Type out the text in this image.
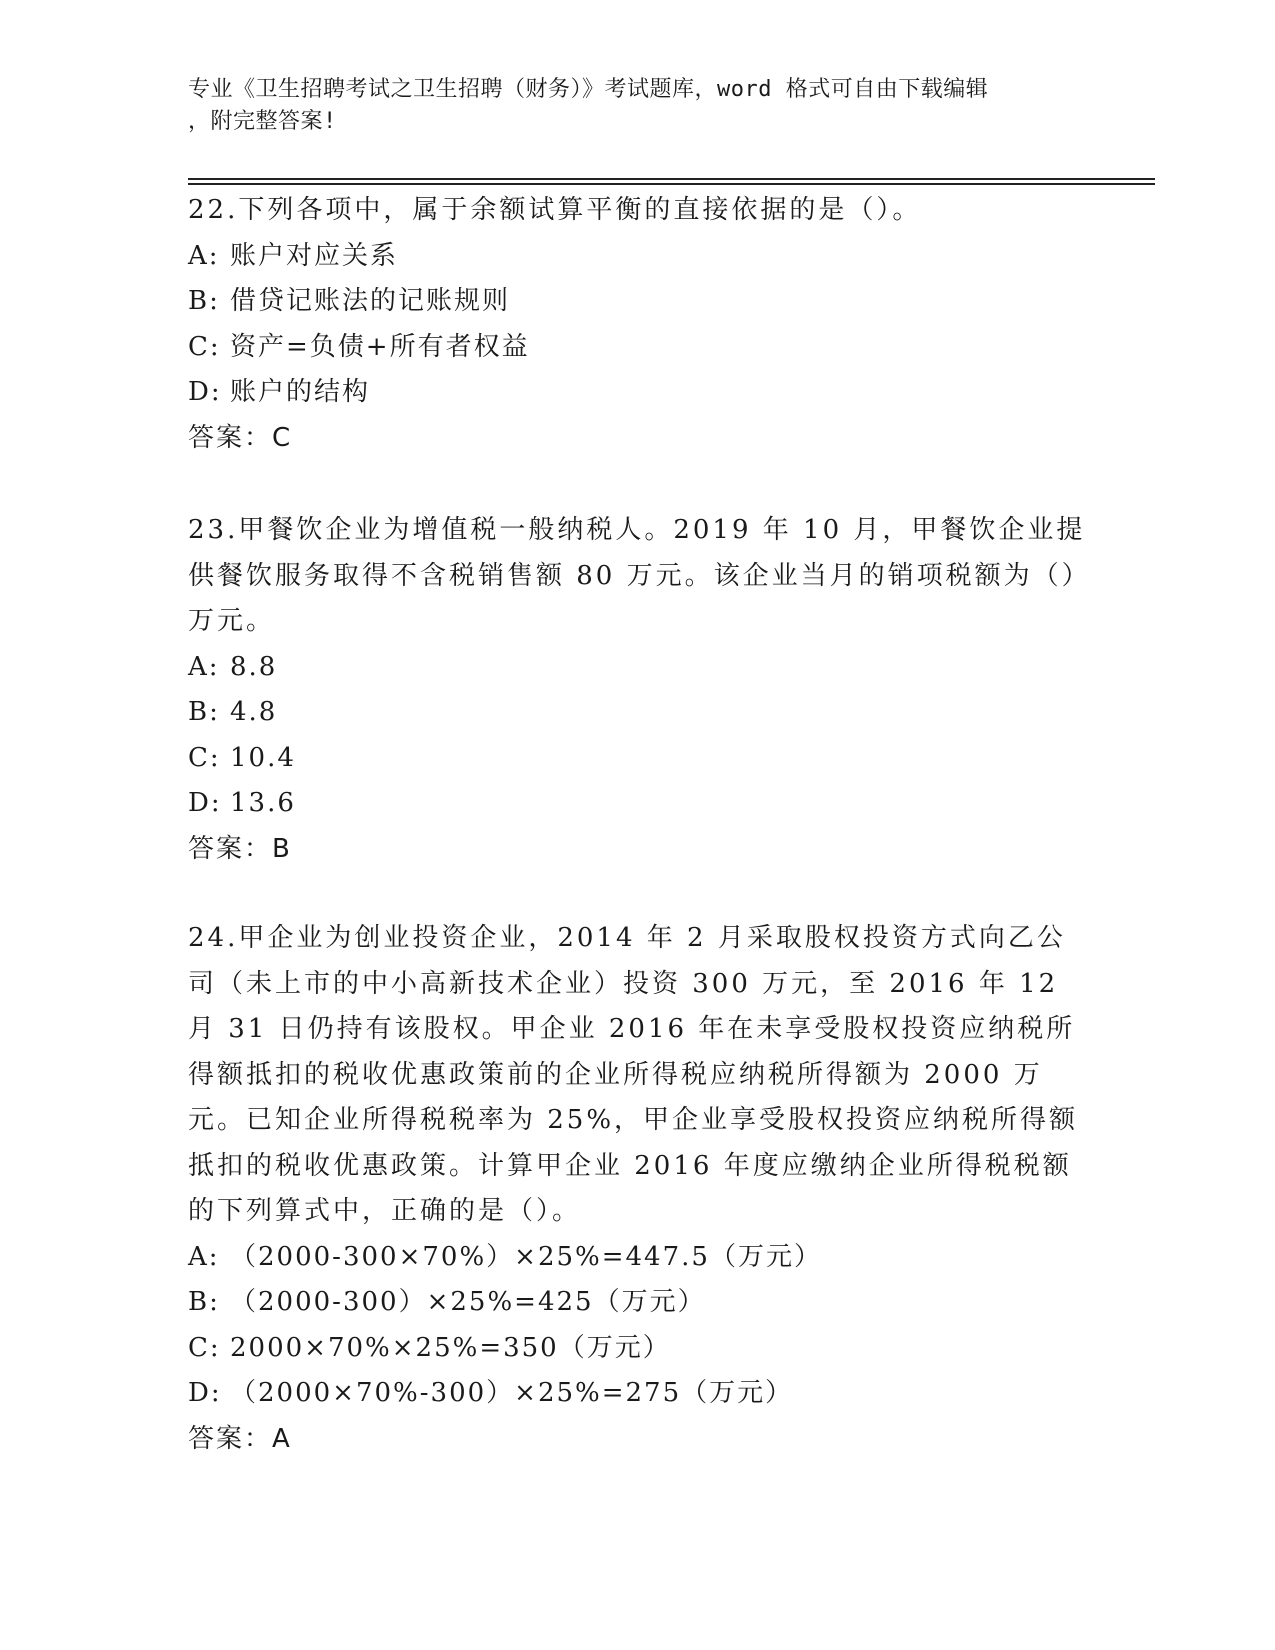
专业《卫生招聘考试之卫生招聘（财务）》考试题库，word 格式可自由下载编辑

，附完整答案!

22.下列各项中，属于余额试算平衡的直接依据的是（）。

A: 账户对应关系

B: 借贷记账法的记账规则

C: 资产=负债+所有者权益

D: 账户的结构

答案：C

23.甲餐饮企业为增值税一般纳税人。2019 年 10 月，甲餐饮企业提供餐饮服务取得不含税销售额 80 万元。该企业当月的销项税额为（）万元。

A: 8.8

B: 4.8

C: 10.4

D: 13.6

答案：B

24.甲企业为创业投资企业，2014 年 2 月采取股权投资方式向乙公司（未上市的中小高新技术企业）投资 300 万元，至 2016 年 12 月 31 日仍持有该股权。甲企业 2016 年在未享受股权投资应纳税所得额抵扣的税收优惠政策前的企业所得税应纳税所得额为 2000 万元。已知企业所得税税率为 25%，甲企业享受股权投资应纳税所得额抵扣的税收优惠政策。计算甲企业 2016 年度应缴纳企业所得税税额的下列算式中，正确的是（）。

A: （2000-300×70%）×25%=447.5（万元）

B: （2000-300）×25%=425（万元）

C: 2000×70%×25%=350（万元）

D: （2000×70%-300）×25%=275（万元）

答案：A
